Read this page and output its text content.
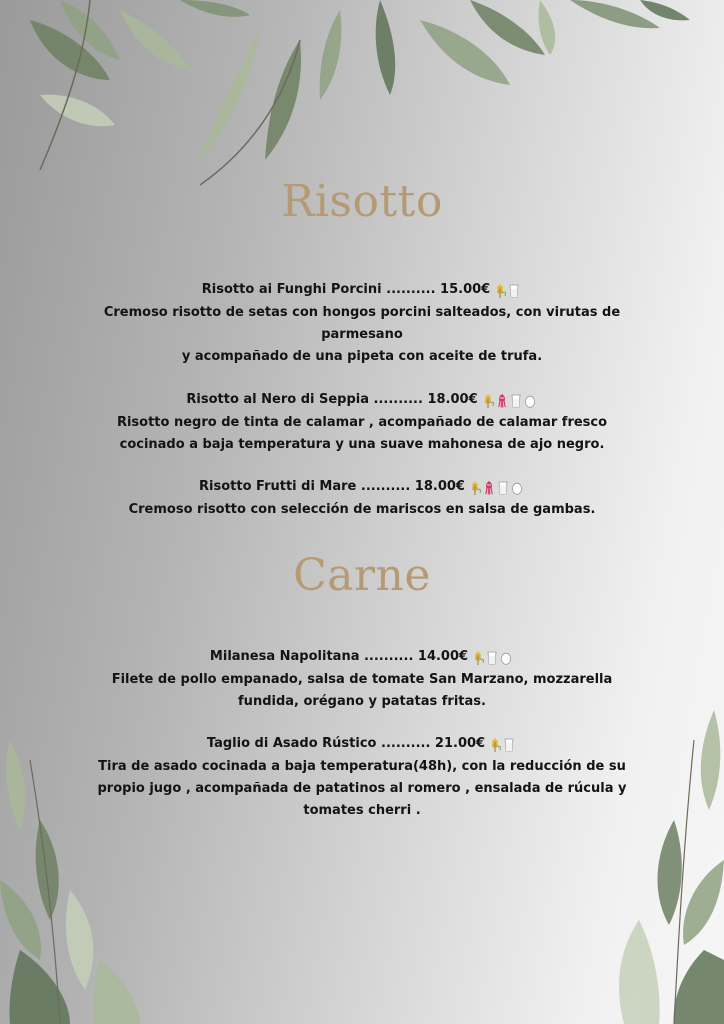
Risotto

Risotto ai Funghi Porcini .......... 15.00€

Cremoso risotto de setas con hongos porcini salteados, con virutas de

parmesano

y acompañado de una pipeta con aceite de trufa.

Risotto al Nero di Seppia .......... 18.00€

Risotto negro de tinta de calamar , acompañado de calamar fresco

cocinado a baja temperatura y una suave mahonesa de ajo negro.

Risotto Frutti di Mare .......... 18.00€

Cremoso risotto con selección de mariscos en salsa de gambas.

Carne

Milanesa Napolitana .......... 14.00€

Filete de pollo empanado, salsa de tomate San Marzano, mozzarella

fundida, orégano y patatas fritas.

Taglio di Asado Rústico .......... 21.00€

Tira de asado cocinada a baja temperatura(48h), con la reducción de su

propio jugo , acompañada de patatinos al romero , ensalada de rúcula y

tomates cherri .
